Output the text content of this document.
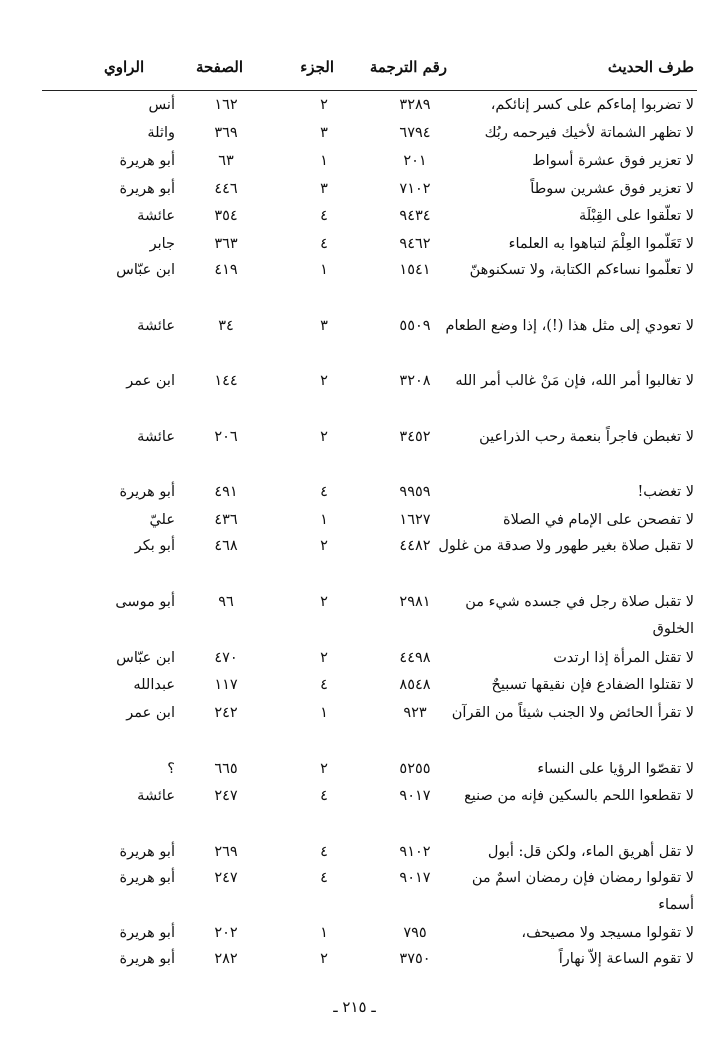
طرف الحديث
رقم الترجمة
الجزء
الصفحة
الراوي
لا تضربوا إماءكم على كسر إنائكم،
٣٢٨٩
٢
١٦٢
أنس
لا تظهر الشماتة لأخيك فيرحمه ربُك
٦٧٩٤
٣
٣٦٩
واثلة
لا تعزير فوق عشرة أسواط
٢٠١
١
٦٣
أبو هريرة
لا تعزير فوق عشرين سوطاً
٧١٠٢
٣
٤٤٦
أبو هريرة
لا تعلّقوا على القِبْلَة
٩٤٣٤
٤
٣٥٤
عائشة
لا تَعَلّموا العِلْمَ لتباهوا به العلماء
٩٤٦٢
٤
٣٦٣
جابر
لا تعلّموا نساءكم الكتابة، ولا تسكنوهنّ
١٥٤١
١
٤١٩
ابن عبّاس
لا تعودي إلى مثل هذا (!)، إذا وضع الطعام
٥٥٠٩
٣
٣٤
عائشة
لا تغالبوا أمر الله، فإن مَنْ غالب أمر الله
٣٢٠٨
٢
١٤٤
ابن عمر
لا تغبطن فاجراً بنعمة رحب الذراعين
٣٤٥٢
٢
٢٠٦
عائشة
لا تغضب!
٩٩٥٩
٤
٤٩١
أبو هريرة
لا تفصحن على الإمام في الصلاة
١٦٢٧
١
٤٣٦
عليّ
لا تقبل صلاة بغير طهور ولا صدقة من غلول
٤٤٨٢
٢
٤٦٨
أبو بكر
لا تقبل صلاة رجل في جسده شيء من الخلوق
٢٩٨١
٢
٩٦
أبو موسى
لا تقتل المرأة إذا ارتدت
٤٤٩٨
٢
٤٧٠
ابن عبّاس
لا تقتلوا الضفادع فإن نقيقها تسبيحٌ
٨٥٤٨
٤
١١٧
عبدالله
لا تقرأ الحائض ولا الجنب شيئاً من القرآن
٩٢٣
١
٢٤٢
ابن عمر
لا تقصّوا الرؤيا على النساء
٥٢٥٥
٢
٦٦٥
؟
لا تقطعوا اللحم بالسكين فإنه من صنيع
٩٠١٧
٤
٢٤٧
عائشة
لا تقل أهريق الماء، ولكن قل: أبول
٩١٠٢
٤
٢٦٩
أبو هريرة
لا تقولوا رمضان فإن رمضان اسمٌ من أسماء
٩٠١٧
٤
٢٤٧
أبو هريرة
لا تقولوا مسيجد ولا مصيحف،
٧٩٥
١
٢٠٢
أبو هريرة
لا تقوم الساعة إلاّ نهاراً
٣٧٥٠
٢
٢٨٢
أبو هريرة
ـ ٢١٥ ـ
